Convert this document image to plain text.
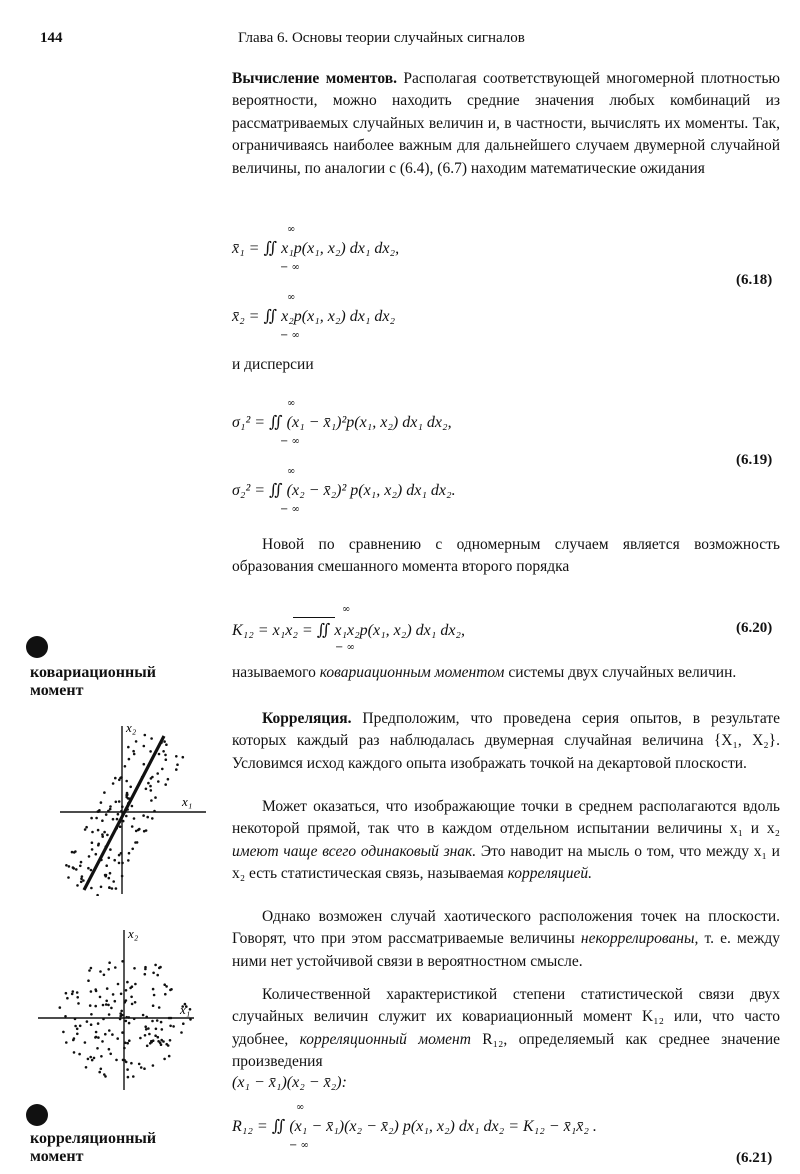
144	Глава 6. Основы теории случайных сигналов
Вычисление моментов. Располагая соответствующей многомерной плотностью вероятности, можно находить средние значения любых комбинаций из рассматриваемых случайных величин и, в частности, вычислять их моменты. Так, ограничиваясь наиболее важным для дальнейшего случаем двумерной случайной величины, по аналогии с (6.4), (6.7) находим математические ожидания
x̄₁ = ∬ x₁p(x₁, x₂) dx₁ dx₂,
x̄₂ = ∬ x₂p(x₁, x₂) dx₁ dx₂
∞
− ∞
∞
− ∞
(6.18)
и дисперсии
σ₁² = ∬ (x₁ − x̄₁)²p(x₁, x₂) dx₁ dx₂,
σ₂² = ∬ (x₂ − x̄₂)² p(x₁, x₂) dx₁ dx₂.
∞
− ∞
∞
− ∞
(6.19)
Новой по сравнению с одномерным случаем является возможность образования смешанного момента второго порядка
K₁₂ = x₁x₂ = ∬ x₁x₂p(x₁, x₂) dx₁ dx₂,
∞
− ∞
(6.20)
называемого ковариационным моментом системы двух случайных величин.
Корреляция. Предположим, что проведена серия опытов, в результате которых каждый раз наблюдалась двумерная случайная величина {X₁, X₂}. Условимся исход каждого опыта изображать точкой на декартовой плоскости.
Может оказаться, что изображающие точки в среднем располагаются вдоль некоторой прямой, так что в каждом отдельном испытании величины x₁ и x₂ имеют чаще всего одинаковый знак. Это наводит на мысль о том, что между x₁ и x₂ есть статистическая связь, называемая корреляцией.
Однако возможен случай хаотического расположения точек на плоскости. Говорят, что при этом рассматриваемые величины некоррелированы, т. е. между ними нет устойчивой связи в вероятностном смысле.
Количественной характеристикой степени статистической связи двух случайных величин служит их ковариационный момент K₁₂ или, что часто удобнее, корреляционный момент R₁₂, определяемый как среднее значение произведения
(x₁ − x̄₁)(x₂ − x̄₂):
R₁₂ = ∬ (x₁ − x̄₁)(x₂ − x̄₂) p(x₁, x₂) dx₁ dx₂ = K₁₂ − x̄₁x̄₂ .
∞
− ∞
(6.21)
ковариационный момент
корреляционный момент
x₁
x₂
x₁
x₂
